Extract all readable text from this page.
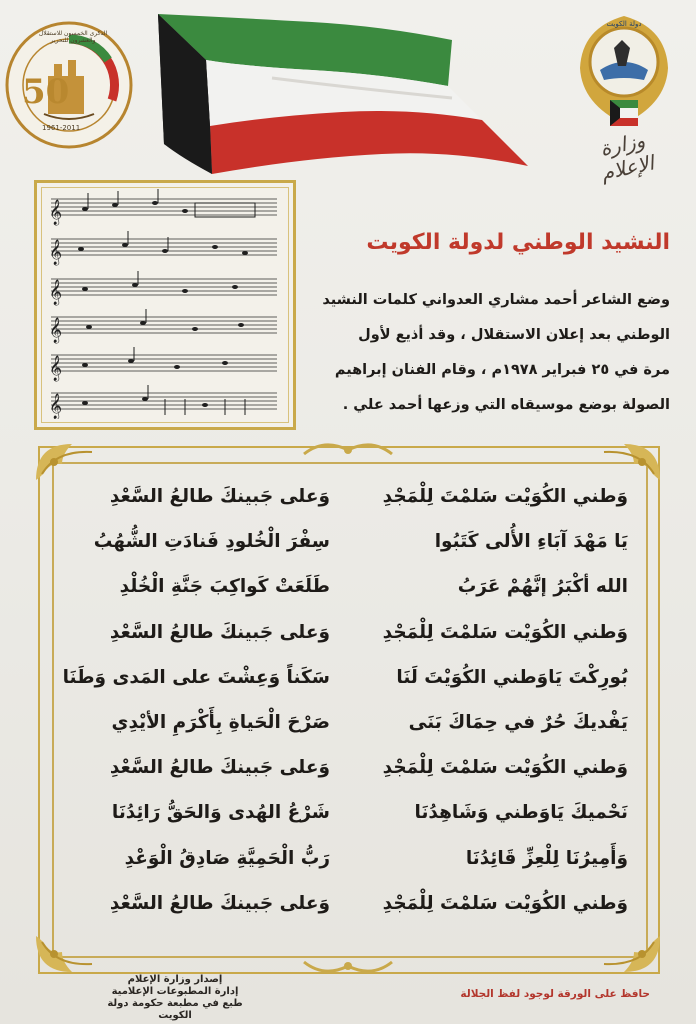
50
1961-2011
الذكرى الخمسون للاستقلال والعشرون للتحرير
دولة الكويت
وزارة الإعلام
𝄞
𝄞
𝄞
𝄞
𝄞
𝄞
النشيد الوطني لدولة الكويت

وضع الشاعر أحمد مشاري العدواني كلمات النشيد

الوطني بعد إعلان الاستقلال ، وقد أذيع لأول

مرة في ٢٥ فبراير ١٩٧٨م ، وقام الفنان إبراهيم

الصولة بوضع موسيقاه التي وزعها أحمد علي .

وَطني الكُوَيْت سَلمْتَ لِلْمَجْدِ
وَعلى جَبينكَ طالعُ السَّعْدِ
يَا مَهْدَ آبَاءِ الأُلى كَتَبُوا
سِفْرَ الْخُلودِ فَنادَتِ الشُّهُبُ
الله أكْبَرُ إنَّهُمْ عَرَبُ
طَلَعَتْ كَواكِبَ جَنَّةِ الْخُلْدِ
وَطني الكُوَيْت سَلمْتَ لِلْمَجْدِ
وَعلى جَبينكَ طالعُ السَّعْدِ
بُورِكْتَ يَاوَطني الكُوَيْتَ لَنَا
سَكَناً وَعِشْتَ على المَدى وَطَنَا
يَفْديكَ حُرٌ في حِمَاكَ بَنَى
صَرْحَ الْحَياةِ بِأَكْرَمِ الأيْدِي
وَطني الكُوَيْت سَلمْتَ لِلْمَجْدِ
وَعلى جَبينكَ طالعُ السَّعْدِ
نَحْميكَ يَاوَطني وَشَاهِدُنَا
شَرْعُ الهُدى وَالحَقُّ رَائِدُنَا
وَأَمِيرُنَا لِلْعِزِّ قَائِدُنَا
رَبُّ الْحَمِيَّةِ صَادِقُ الْوَعْدِ
وَطني الكُوَيْت سَلمْتَ لِلْمَجْدِ
وَعلى جَبينكَ طالعُ السَّعْدِ
إصدار وزارة الإعلام
إدارة المطبوعات الإعلامية
طبع في مطبعة حكومة دولة الكويت
حافظ على الورقة لوجود لفظ الجلالة
